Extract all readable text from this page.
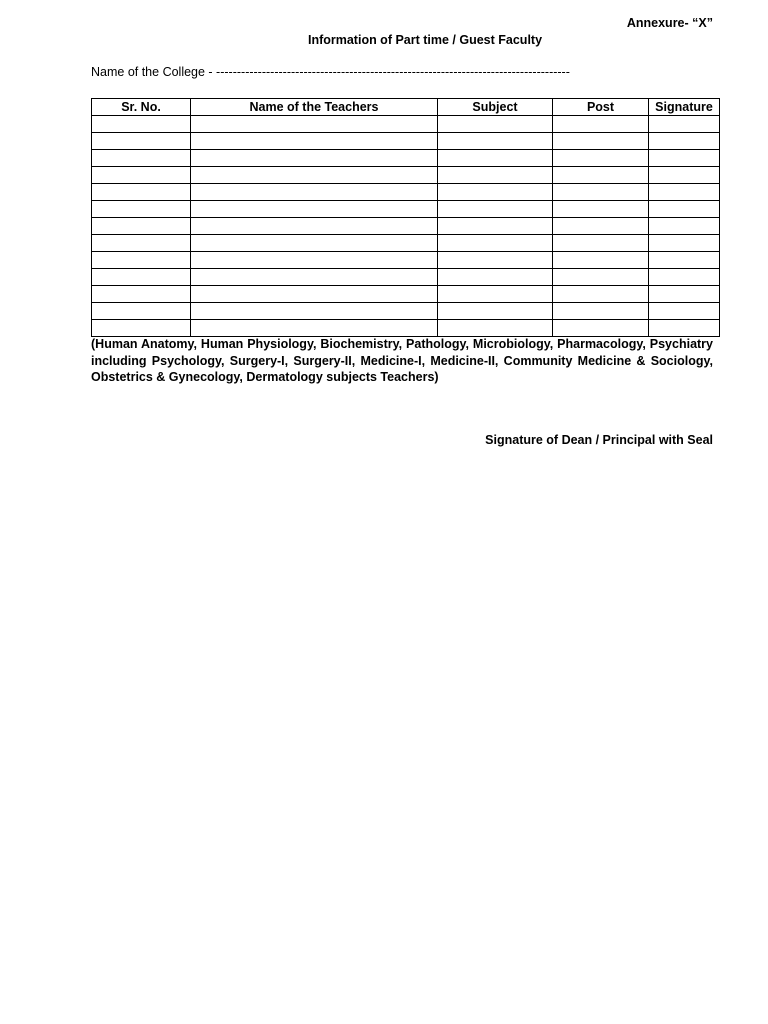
Annexure- “X”
Information of Part time / Guest Faculty
Name of the College - -------------------------------------------------------------------------------------
Sr. No.	Name of the Teachers	Subject	Post	Signature

(Human Anatomy, Human Physiology, Biochemistry, Pathology, Microbiology, Pharmacology, Psychiatry including Psychology, Surgery-I, Surgery-II, Medicine-I, Medicine-II, Community Medicine & Sociology, Obstetrics & Gynecology, Dermatology subjects Teachers)
Signature of Dean / Principal with Seal
